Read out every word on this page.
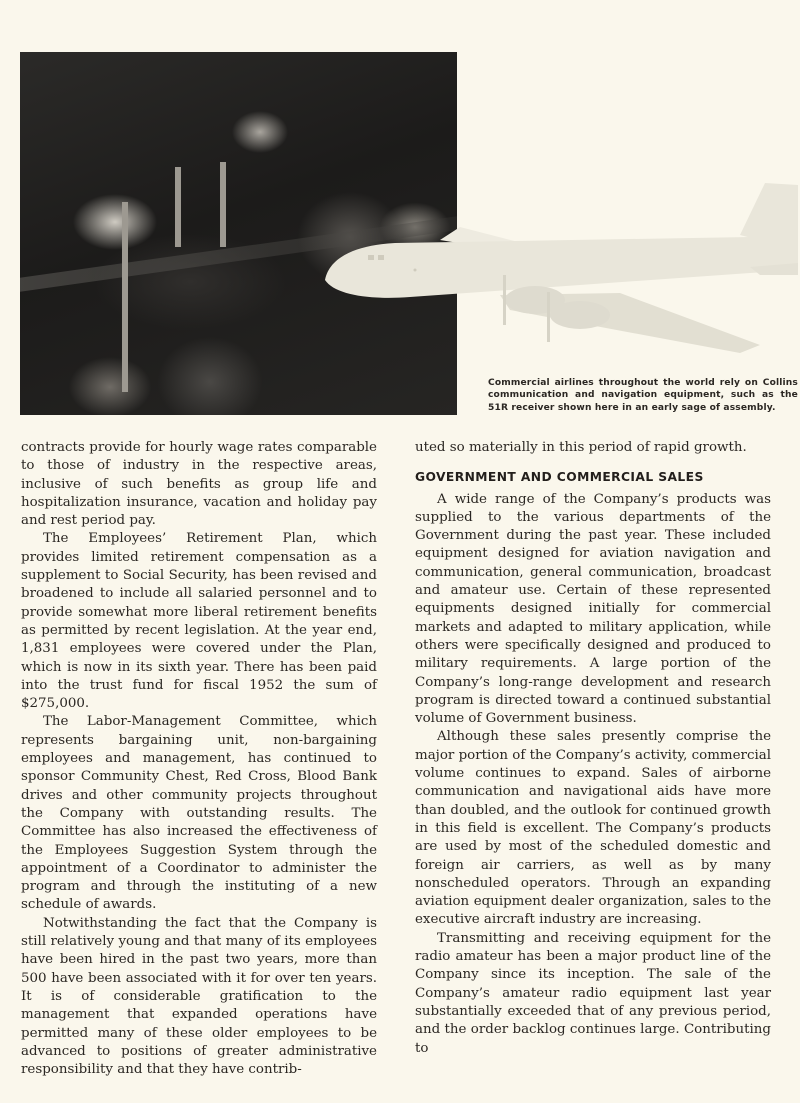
Commercial airlines throughout the world rely on Collins communication and navigation equipment, such as the 51R receiver shown here in an early sage of assembly.

contracts provide for hourly wage rates comparable to those of industry in the respective areas, inclusive of such benefits as group life and hospitalization insurance, vacation and holiday pay and rest period pay.

The Employees’ Retirement Plan, which provides limited retirement compensation as a supplement to Social Security, has been revised and broadened to include all salaried personnel and to provide somewhat more liberal retirement benefits as permitted by recent legislation. At the year end, 1,831 employees were covered under the Plan, which is now in its sixth year. There has been paid into the trust fund for fiscal 1952 the sum of $275,000.

The Labor-Management Committee, which represents bargaining unit, non-bargaining employees and management, has continued to sponsor Community Chest, Red Cross, Blood Bank drives and other community projects throughout the Company with outstanding results. The Committee has also increased the effectiveness of the Employees Suggestion System through the appointment of a Coordinator to administer the program and through the instituting of a new schedule of awards.

Notwithstanding the fact that the Company is still relatively young and that many of its employees have been hired in the past two years, more than 500 have been associated with it for over ten years. It is of considerable gratification to the management that expanded operations have permitted many of these older employees to be advanced to positions of greater administrative responsibility and that they have contrib-

uted so materially in this period of rapid growth.

GOVERNMENT AND COMMERCIAL SALES

A wide range of the Company’s products was supplied to the various departments of the Government during the past year. These included equipment designed for aviation navigation and communication, general communication, broadcast and amateur use. Certain of these represented equipments designed initially for commercial markets and adapted to military application, while others were specifically designed and produced to military requirements. A large portion of the Company’s long-range development and research program is directed toward a continued substantial volume of Government business.

Although these sales presently comprise the major portion of the Company’s activity, commercial volume continues to expand. Sales of airborne communication and navigational aids have more than doubled, and the outlook for continued growth in this field is excellent. The Company’s products are used by most of the scheduled domestic and foreign air carriers, as well as by many nonscheduled operators. Through an expanding aviation equipment dealer organization, sales to the executive aircraft industry are increasing.

Transmitting and receiving equipment for the radio amateur has been a major product line of the Company since its inception. The sale of the Company’s amateur radio equipment last year substantially exceeded that of any previous period, and the order backlog continues large. Contributing to
